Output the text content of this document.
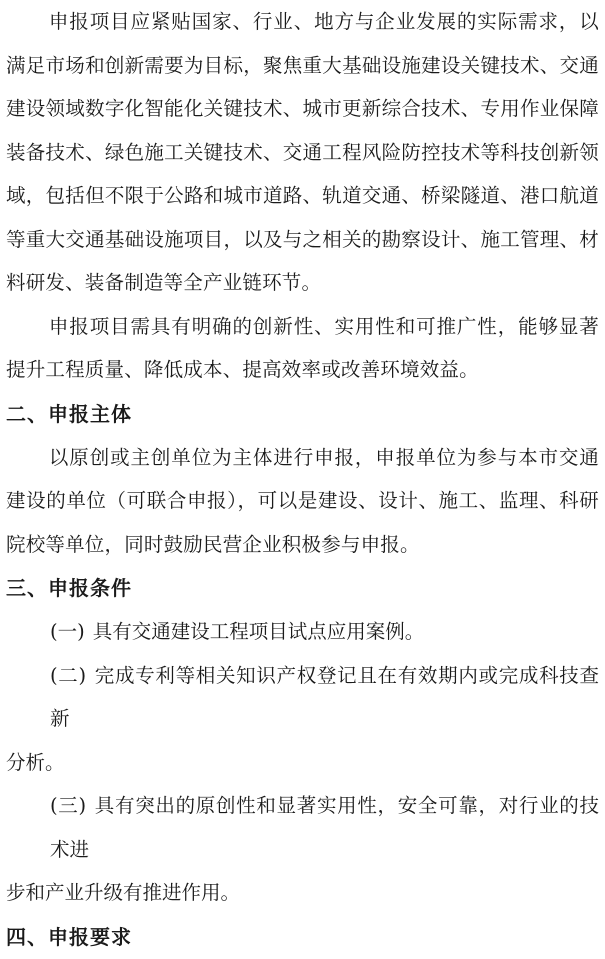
申报项目应紧贴国家、行业、地方与企业发展的实际需求，以满足市场和创新需要为目标，聚焦重大基础设施建设关键技术、交通建设领域数字化智能化关键技术、城市更新综合技术、专用作业保障装备技术、绿色施工关键技术、交通工程风险防控技术等科技创新领域，包括但不限于公路和城市道路、轨道交通、桥梁隧道、港口航道等重大交通基础设施项目，以及与之相关的勘察设计、施工管理、材料研发、装备制造等全产业链环节。

申报项目需具有明确的创新性、实用性和可推广性，能够显著提升工程质量、降低成本、提高效率或改善环境效益。

二、申报主体

以原创或主创单位为主体进行申报，申报单位为参与本市交通建设的单位（可联合申报），可以是建设、设计、施工、监理、科研院校等单位，同时鼓励民营企业积极参与申报。

三、申报条件

(一) 具有交通建设工程项目试点应用案例。

(二) 完成专利等相关知识产权登记且在有效期内或完成科技查新

分析。

(三) 具有突出的原创性和显著实用性，安全可靠，对行业的技术进

步和产业升级有推进作用。

四、申报要求
